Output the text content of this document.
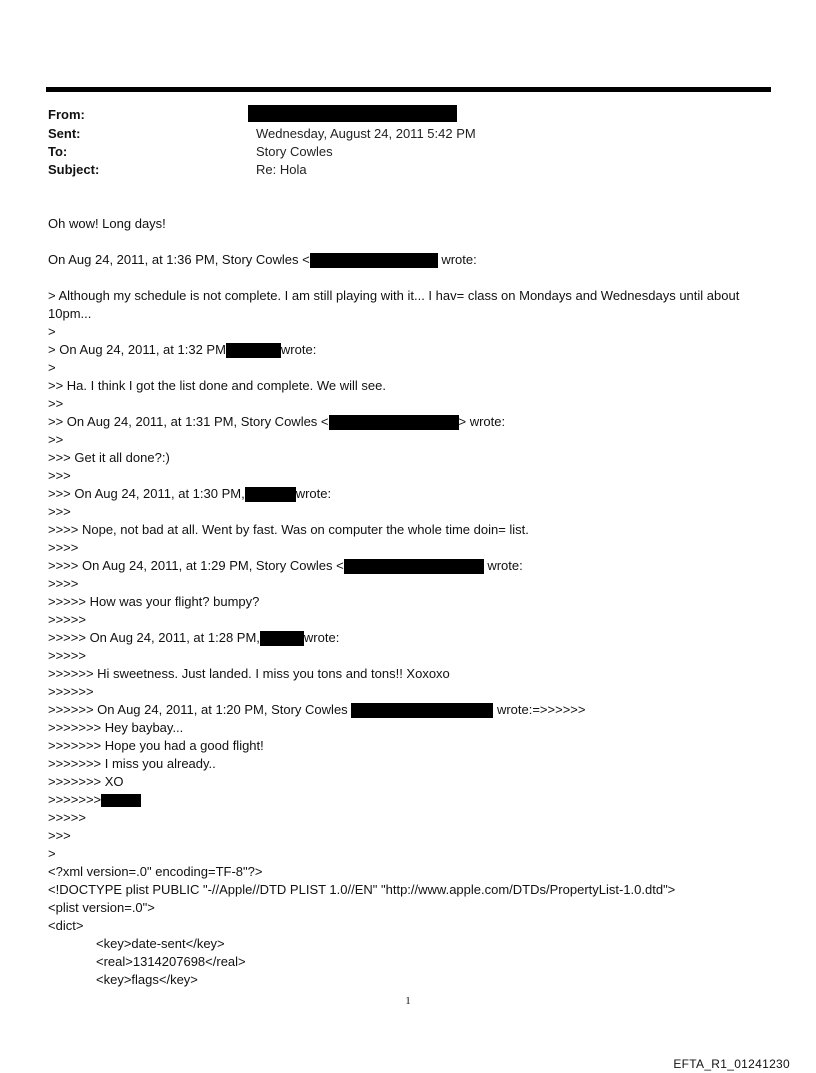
From:
Sent:	Wednesday, August 24, 2011 5:42 PM
To:	Story Cowles
Subject:	Re: Hola
Oh wow! Long days!
On Aug 24, 2011, at 1:36 PM, Story Cowles <	wrote:
> Although my schedule is not complete. I am still playing with it... I hav= class on Mondays and Wednesdays until about 10pm...
>
> On Aug 24, 2011, at 1:32 PM	wrote:
>
>> Ha. I think I got the list done and complete. We will see.
>>
>> On Aug 24, 2011, at 1:31 PM, Story Cowles <	> wrote:
>>
>>> Get it all done?:)
>>>
>>> On Aug 24, 2011, at 1:30 PM,	wrote:
>>>
>>>> Nope, not bad at all. Went by fast. Was on computer the whole time doin= list.
>>>>
>>>> On Aug 24, 2011, at 1:29 PM, Story Cowles <	wrote:
>>>>
>>>>> How was your flight? bumpy?
>>>>>
>>>>> On Aug 24, 2011, at 1:28 PM,	wrote:
>>>>>
>>>>>> Hi sweetness. Just landed. I miss you tons and tons!! Xoxoxo
>>>>>>
>>>>>> On Aug 24, 2011, at 1:20 PM, Story Cowles	wrote:=>>>>>>
>>>>>>> Hey baybay...
>>>>>>> Hope you had a good flight!
>>>>>>> I miss you already..
>>>>>>> XO
>>>>>>>
>>>>>
>>>
>
<?xml version=.0" encoding=TF-8"?>
<!DOCTYPE plist PUBLIC "-//Apple//DTD PLIST 1.0//EN" "http://www.apple.com/DTDs/PropertyList-1.0.dtd">
<plist version=.0">
<dict>
<key>date-sent</key>
<real>1314207698</real>
<key>flags</key>
1
EFTA_R1_01241230
